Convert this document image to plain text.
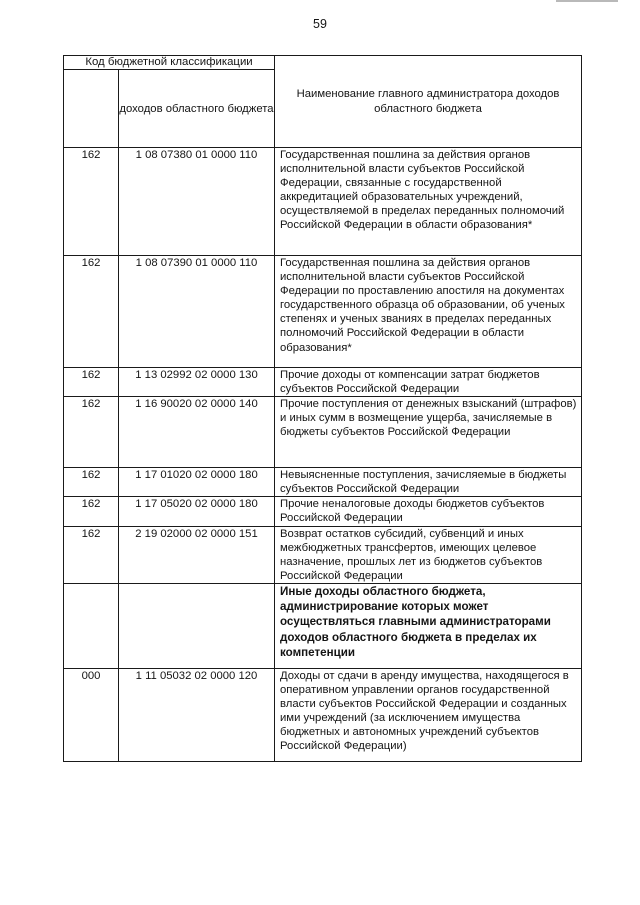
59
Код бюджетной классификации		Наименование главного администратора доходов областного бюджета
	доходов областного бюджета	
162	1 08 07380 01 0000 110	Государственная пошлина за действия органов исполнительной власти субъектов Российской Федерации, связанные с государственной аккредитацией образовательных учреждений, осуществляемой в пределах переданных полномочий Российской Федерации в области образования*
162	1 08 07390 01 0000 110	Государственная пошлина за действия органов исполнительной власти субъектов Российской Федерации по проставлению апостиля на документах государственного образца об образовании, об ученых степенях и ученых званиях в пределах переданных полномочий Российской Федерации в области образования*
162	1 13 02992 02 0000 130	Прочие доходы от компенсации затрат бюджетов субъектов Российской Федерации
162	1 16 90020 02 0000 140	Прочие поступления от денежных взысканий (штрафов) и иных сумм в возмещение ущерба, зачисляемые в бюджеты субъектов Российской Федерации
162	1 17 01020 02 0000 180	Невыясненные поступления, зачисляемые в бюджеты субъектов Российской Федерации
162	1 17 05020 02 0000 180	Прочие неналоговые доходы бюджетов субъектов Российской Федерации
162	2 19 02000 02 0000 151	Возврат остатков субсидий, субвенций и иных межбюджетных трансфертов, имеющих целевое назначение, прошлых лет из бюджетов субъектов Российской Федерации
		Иные доходы областного бюджета, администрирование которых может осуществляться главными администраторами доходов областного бюджета в пределах их компетенции
000	1 11 05032 02 0000 120	Доходы от сдачи в аренду имущества, находящегося в оперативном управлении органов государственной власти субъектов Российской Федерации и созданных ими учреждений (за исключением имущества бюджетных и автономных учреждений субъектов Российской Федерации)
